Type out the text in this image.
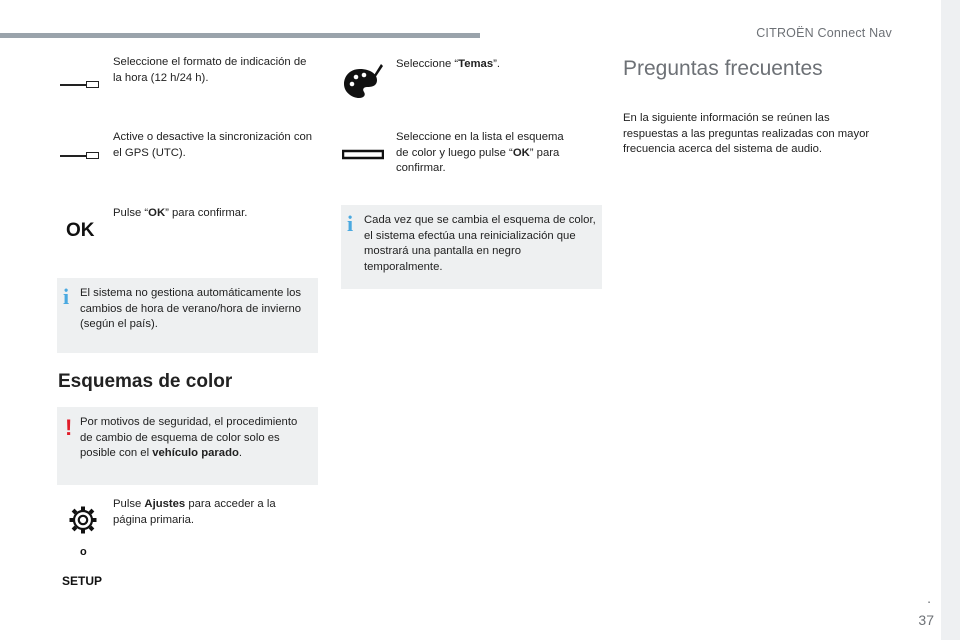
CITROËN Connect Nav
.
37
Seleccione el formato de indicación de la hora (12 h/24 h).
Active o desactive la sincronización con el GPS (UTC).
OK
Pulse “OK” para confirmar.
i El sistema no gestiona automáticamente los cambios de hora de verano/hora de invierno (según el país).
Esquemas de color
! Por motivos de seguridad, el procedimiento de cambio de esquema de color solo es posible con el vehículo parado.
o
SETUP
Pulse Ajustes para acceder a la página primaria.
Seleccione “Temas”.
Seleccione en la lista el esquema de color y luego pulse “OK” para confirmar.
i Cada vez que se cambia el esquema de color, el sistema efectúa una reinicialización que mostrará una pantalla en negro temporalmente.
Preguntas frecuentes
En la siguiente información se reúnen las respuestas a las preguntas realizadas con mayor frecuencia acerca del sistema de audio.
